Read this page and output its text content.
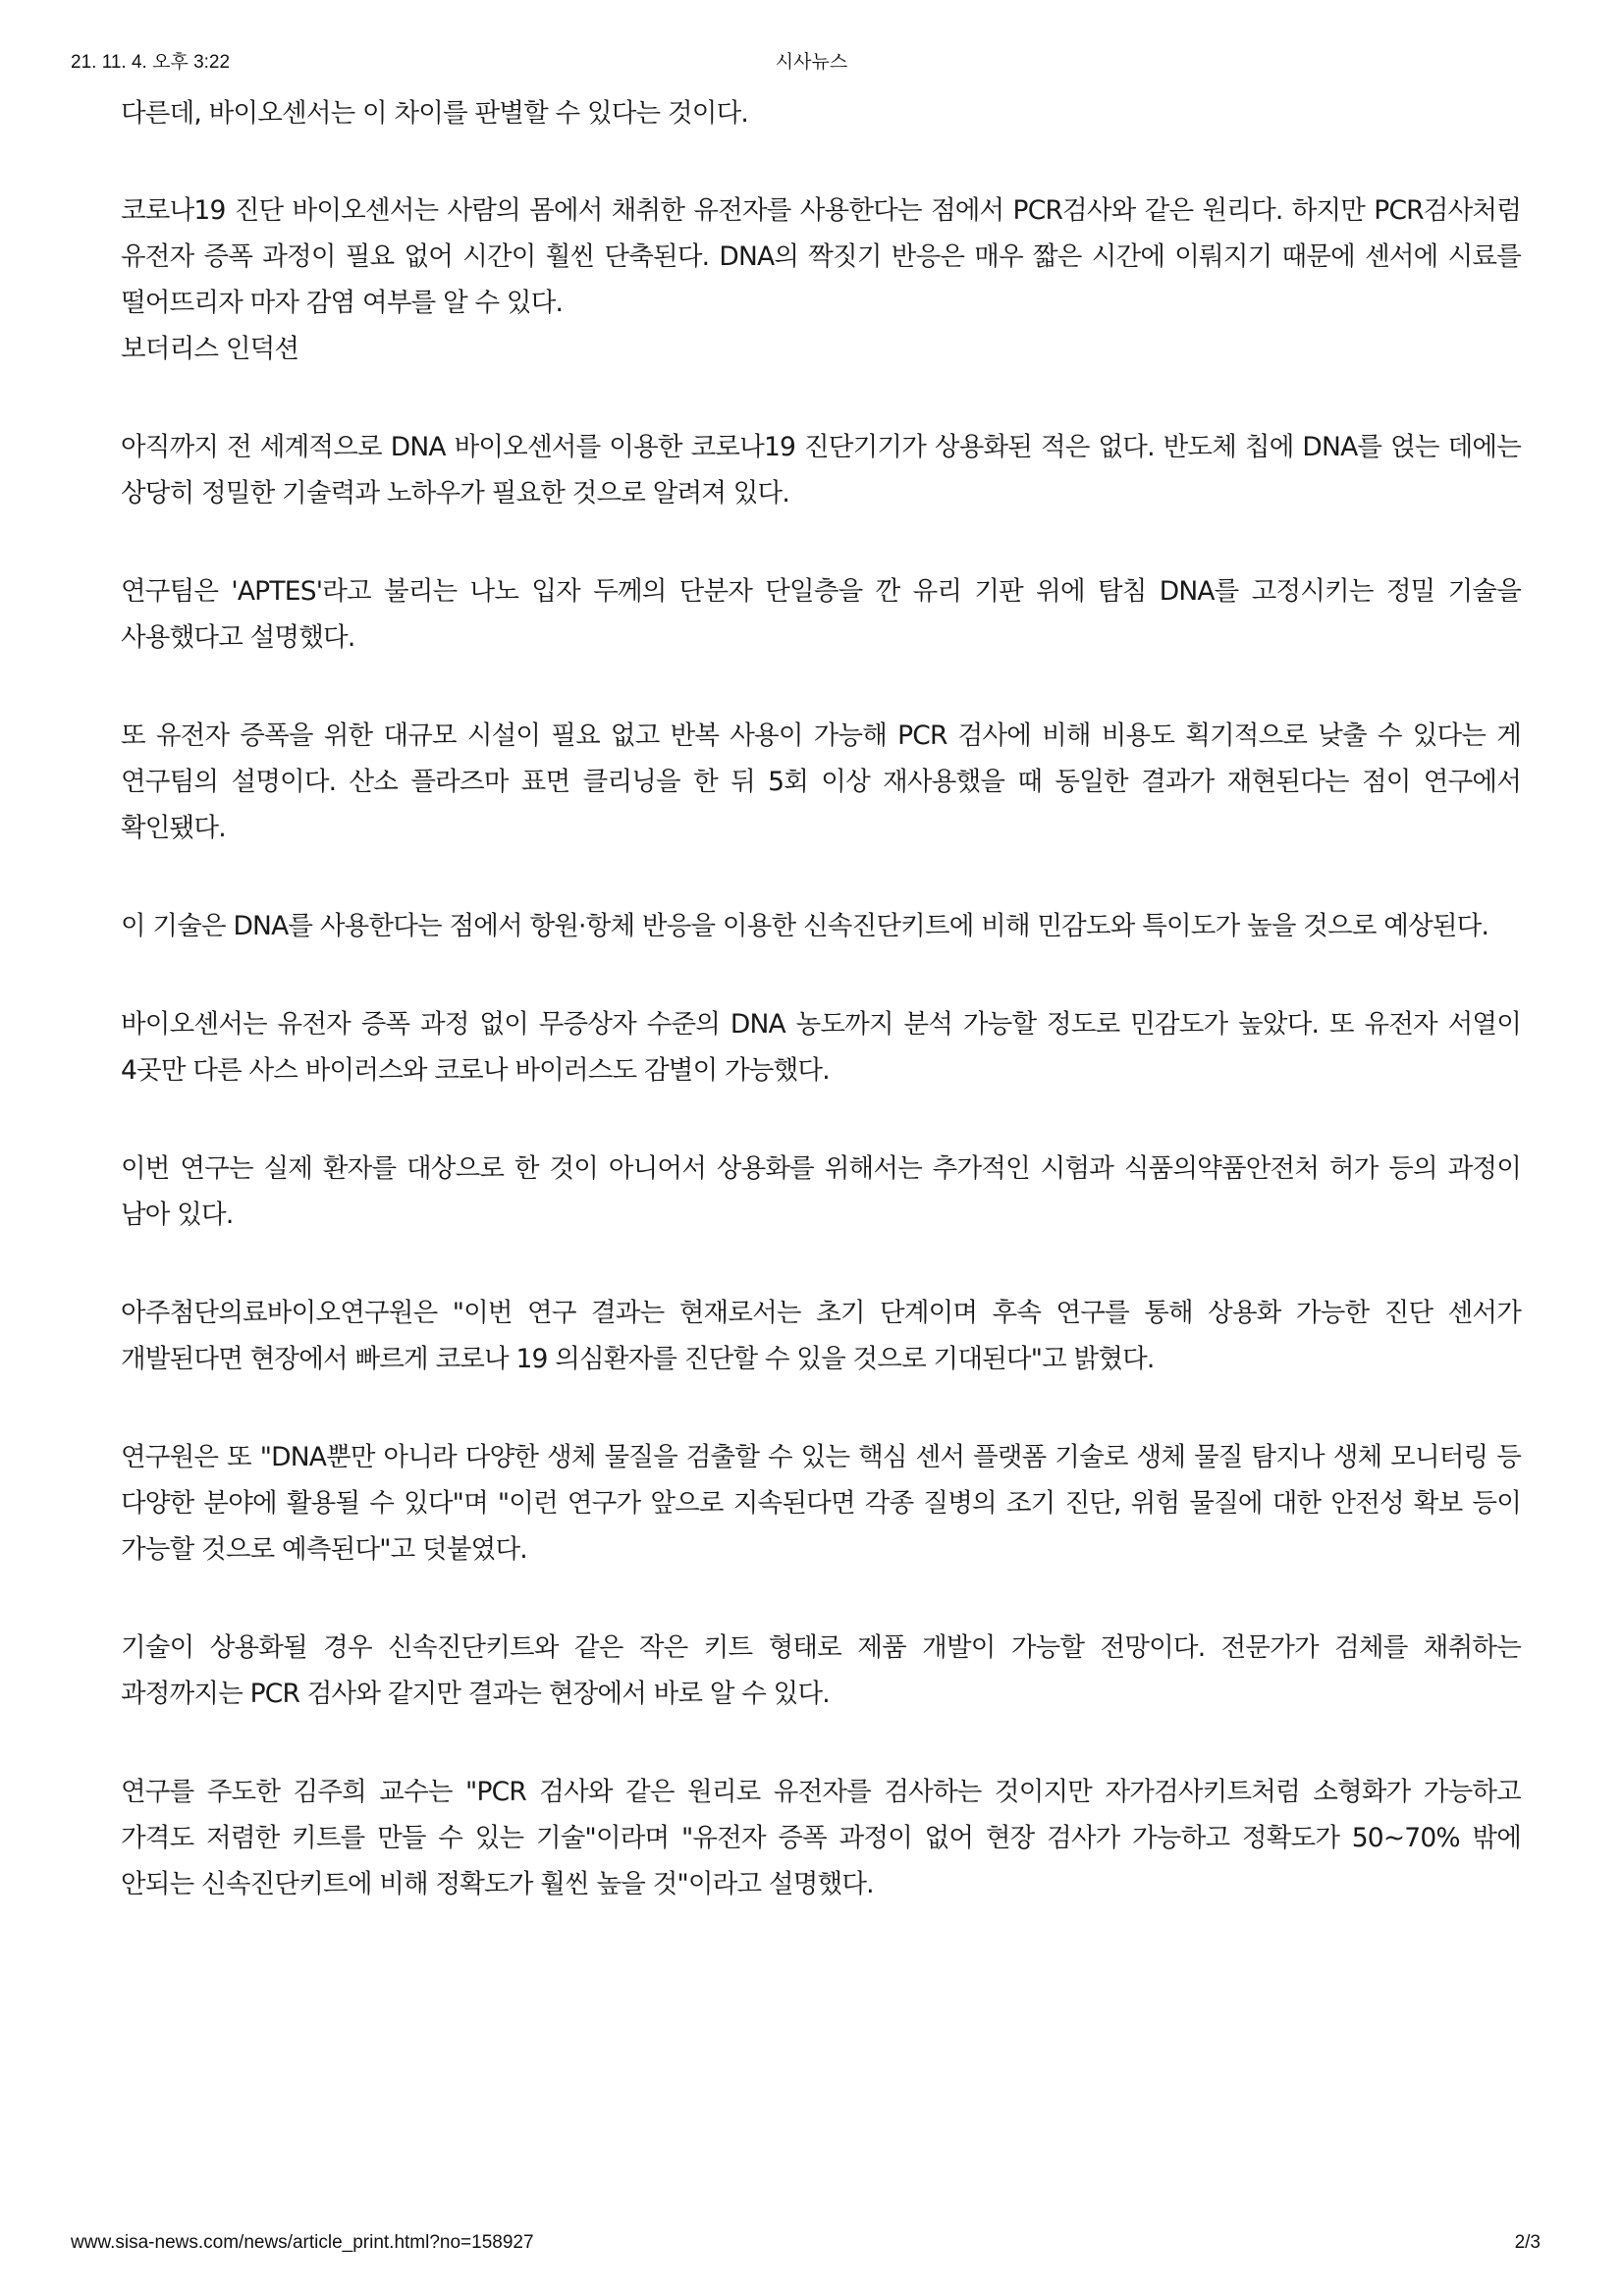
21. 11. 4. 오후 3:22	시사뉴스

다른데, 바이오센서는 이 차이를 판별할 수 있다는 것이다.

코로나19 진단 바이오센서는 사람의 몸에서 채취한 유전자를 사용한다는 점에서 PCR검사와 같은 원리다. 하지만 PCR검사처럼 유전자 증폭 과정이 필요 없어 시간이 훨씬 단축된다. DNA의 짝짓기 반응은 매우 짧은 시간에 이뤄지기 때문에 센서에 시료를 떨어뜨리자 마자 감염 여부를 알 수 있다.

보더리스 인덕션

아직까지 전 세계적으로 DNA 바이오센서를 이용한 코로나19 진단기기가 상용화된 적은 없다. 반도체 칩에 DNA를 얹는 데에는 상당히 정밀한 기술력과 노하우가 필요한 것으로 알려져 있다.

연구팀은 'APTES'라고 불리는 나노 입자 두께의 단분자 단일층을 깐 유리 기판 위에 탐침 DNA를 고정시키는 정밀 기술을 사용했다고 설명했다.

또 유전자 증폭을 위한 대규모 시설이 필요 없고 반복 사용이 가능해 PCR 검사에 비해 비용도 획기적으로 낮출 수 있다는 게 연구팀의 설명이다. 산소 플라즈마 표면 클리닝을 한 뒤 5회 이상 재사용했을 때 동일한 결과가 재현된다는 점이 연구에서 확인됐다.

이 기술은 DNA를 사용한다는 점에서 항원·항체 반응을 이용한 신속진단키트에 비해 민감도와 특이도가 높을 것으로 예상된다.

바이오센서는 유전자 증폭 과정 없이 무증상자 수준의 DNA 농도까지 분석 가능할 정도로 민감도가 높았다. 또 유전자 서열이 4곳만 다른 사스 바이러스와 코로나 바이러스도 감별이 가능했다.

이번 연구는 실제 환자를 대상으로 한 것이 아니어서 상용화를 위해서는 추가적인 시험과 식품의약품안전처 허가 등의 과정이 남아 있다.

아주첨단의료바이오연구원은 "이번 연구 결과는 현재로서는 초기 단계이며 후속 연구를 통해 상용화 가능한 진단 센서가 개발된다면 현장에서 빠르게 코로나 19 의심환자를 진단할 수 있을 것으로 기대된다"고 밝혔다.

연구원은 또 "DNA뿐만 아니라 다양한 생체 물질을 검출할 수 있는 핵심 센서 플랫폼 기술로 생체 물질 탐지나 생체 모니터링 등 다양한 분야에 활용될 수 있다"며 "이런 연구가 앞으로 지속된다면 각종 질병의 조기 진단, 위험 물질에 대한 안전성 확보 등이 가능할 것으로 예측된다"고 덧붙였다.

기술이 상용화될 경우 신속진단키트와 같은 작은 키트 형태로 제품 개발이 가능할 전망이다. 전문가가 검체를 채취하는 과정까지는 PCR 검사와 같지만 결과는 현장에서 바로 알 수 있다.

연구를 주도한 김주희 교수는 "PCR 검사와 같은 원리로 유전자를 검사하는 것이지만 자가검사키트처럼 소형화가 가능하고 가격도 저렴한 키트를 만들 수 있는 기술"이라며 "유전자 증폭 과정이 없어 현장 검사가 가능하고 정확도가 50~70% 밖에 안되는 신속진단키트에 비해 정확도가 훨씬 높을 것"이라고 설명했다.

www.sisa-news.com/news/article_print.html?no=158927	2/3
